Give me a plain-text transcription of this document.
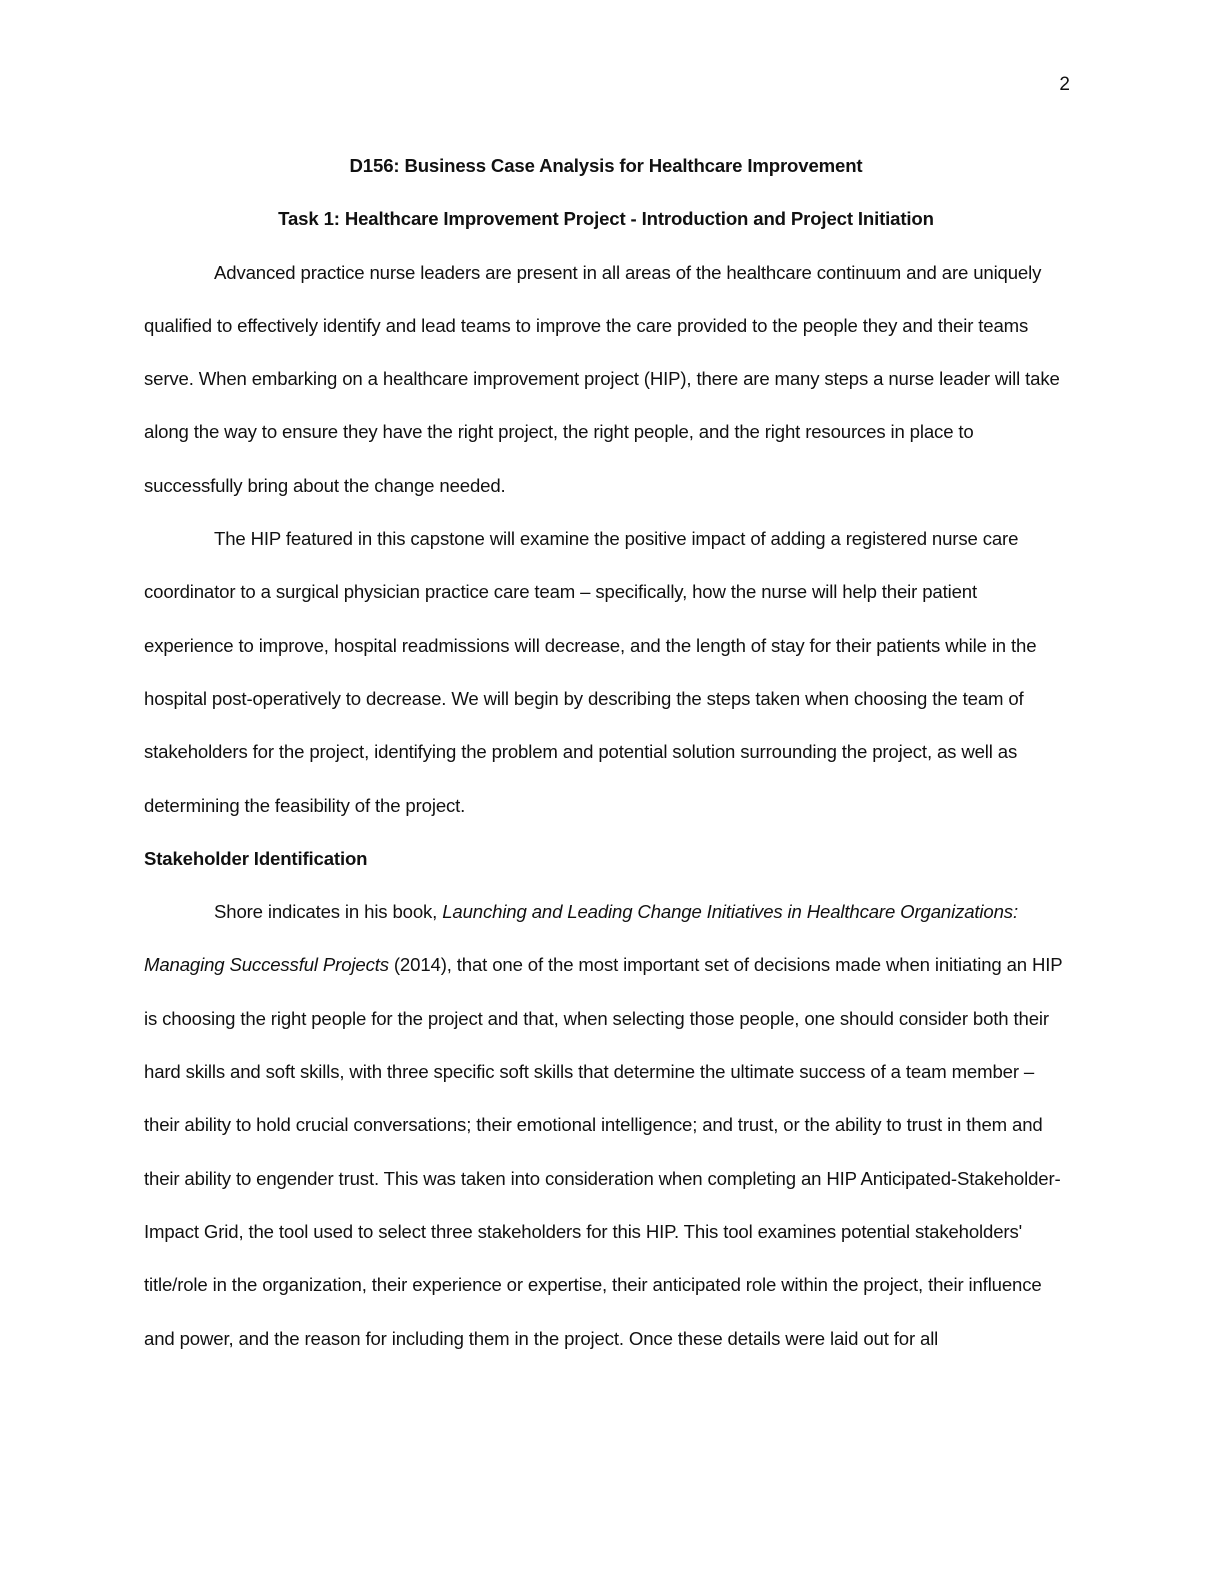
2

D156: Business Case Analysis for Healthcare Improvement

Task 1: Healthcare Improvement Project - Introduction and Project Initiation

Advanced practice nurse leaders are present in all areas of the healthcare continuum and are uniquely qualified to effectively identify and lead teams to improve the care provided to the people they and their teams serve. When embarking on a healthcare improvement project (HIP), there are many steps a nurse leader will take along the way to ensure they have the right project, the right people, and the right resources in place to successfully bring about the change needed.

The HIP featured in this capstone will examine the positive impact of adding a registered nurse care coordinator to a surgical physician practice care team – specifically, how the nurse will help their patient experience to improve, hospital readmissions will decrease, and the length of stay for their patients while in the hospital post-operatively to decrease. We will begin by describing the steps taken when choosing the team of stakeholders for the project, identifying the problem and potential solution surrounding the project, as well as determining the feasibility of the project.

Stakeholder Identification

Shore indicates in his book, Launching and Leading Change Initiatives in Healthcare Organizations: Managing Successful Projects (2014), that one of the most important set of decisions made when initiating an HIP is choosing the right people for the project and that, when selecting those people, one should consider both their hard skills and soft skills, with three specific soft skills that determine the ultimate success of a team member – their ability to hold crucial conversations; their emotional intelligence; and trust, or the ability to trust in them and their ability to engender trust. This was taken into consideration when completing an HIP Anticipated-Stakeholder-Impact Grid, the tool used to select three stakeholders for this HIP. This tool examines potential stakeholders' title/role in the organization, their experience or expertise, their anticipated role within the project, their influence and power, and the reason for including them in the project. Once these details were laid out for all
